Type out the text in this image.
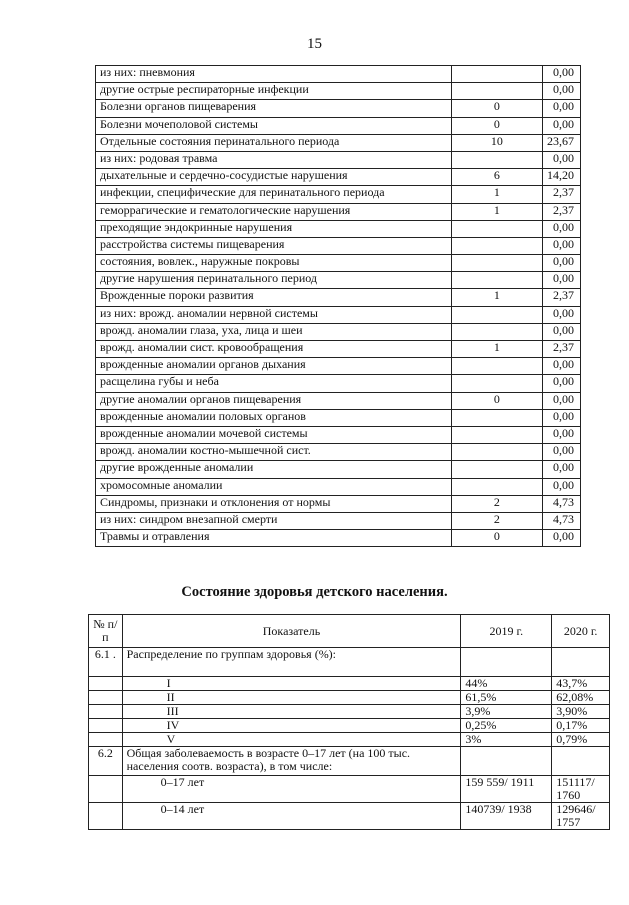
15
из них: пневмония		0,00
другие острые респираторные инфекции		0,00
Болезни органов пищеварения	0	0,00
Болезни мочеполовой системы	0	0,00
Отдельные состояния перинатального периода	10	23,67
из них: родовая травма		0,00
дыхательные и сердечно-сосудистые нарушения	6	14,20
инфекции, специфические для перинатального периода	1	2,37
геморрагические и гематологические нарушения	1	2,37
преходящие эндокринные нарушения		0,00
расстройства системы пищеварения		0,00
состояния, вовлек., наружные покровы		0,00
другие нарушения перинатального период		0,00
Врожденные пороки развития	1	2,37
из них: врожд. аномалии нервной системы		0,00
врожд. аномалии глаза, уха, лица и шеи		0,00
врожд. аномалии сист. кровообращения	1	2,37
врожденные аномалии органов дыхания		0,00
расщелина губы и неба		0,00
другие аномалии органов пищеварения	0	0,00
врожденные аномалии половых органов		0,00
врожденные аномалии мочевой системы		0,00
врожд. аномалии костно-мышечной сист.		0,00
другие врожденные аномалии		0,00
хромосомные аномалии		0,00
Синдромы, признаки и отклонения от нормы	2	4,73
из них: синдром внезапной смерти	2	4,73
Травмы и отравления	0	0,00
Состояние здоровья детского населения.
№ п/п	Показатель	2019 г.	2020 г.
6.1 .	Распределение по группам здоровья (%):		
	I	44%	43,7%
	II	61,5%	62,08%
	III	3,9%	3,90%
	IV	0,25%	0,17%
	V	3%	0,79%
6.2	Общая заболеваемость в возрасте 0–17 лет (на 100 тыс. населения соотв. возраста), в том числе:		
	0–17 лет	159 559/ 1911	151117/ 1760
	0–14 лет	140739/ 1938	129646/ 1757
